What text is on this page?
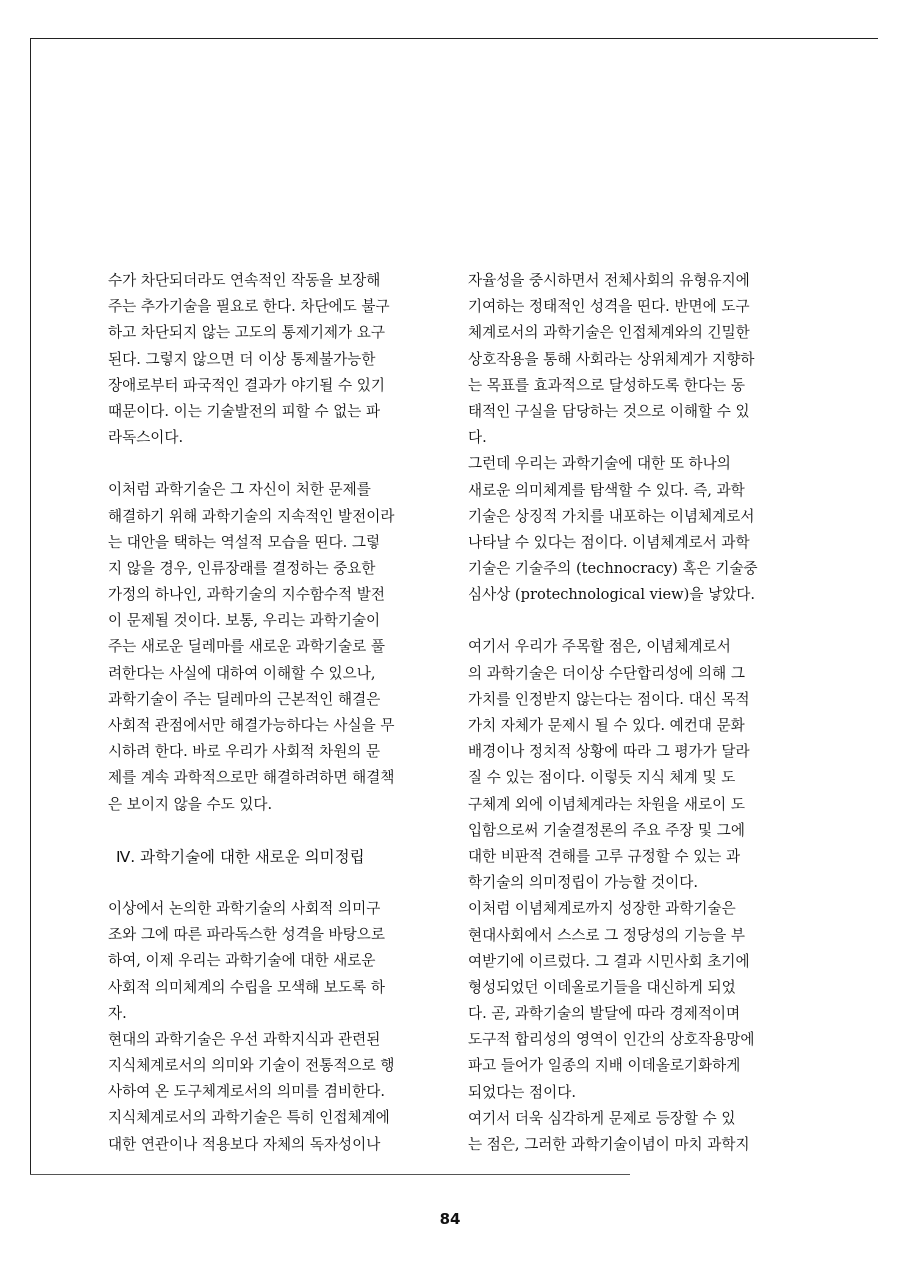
수가 차단되더라도 연속적인 작동을 보장해
주는 추가기술을 필요로 한다. 차단에도 불구
하고 차단되지 않는 고도의 통제기제가 요구
된다. 그렇지 않으면 더 이상 통제불가능한
장애로부터 파국적인 결과가 야기될 수 있기
때문이다. 이는 기술발전의 피할 수 없는 파
라독스이다.
이처럼 과학기술은 그 자신이 처한 문제를
해결하기 위해 과학기술의 지속적인 발전이라
는 대안을 택하는 역설적 모습을 띤다. 그렇
지 않을 경우, 인류장래를 결정하는 중요한
가정의 하나인, 과학기술의 지수함수적 발전
이 문제될 것이다. 보통, 우리는 과학기술이
주는 새로운 딜레마를 새로운 과학기술로 풀
려한다는 사실에 대하여 이해할 수 있으나,
과학기술이 주는 딜레마의 근본적인 해결은
사회적 관점에서만 해결가능하다는 사실을 무
시하려 한다. 바로 우리가 사회적 차원의 문
제를 계속 과학적으로만 해결하려하면 해결책
은 보이지 않을 수도 있다.
Ⅳ. 과학기술에 대한 새로운 의미정립
이상에서 논의한 과학기술의 사회적 의미구
조와 그에 따른 파라독스한 성격을 바탕으로
하여, 이제 우리는 과학기술에 대한 새로운
사회적 의미체계의 수립을 모색해 보도록 하
자.
현대의 과학기술은 우선 과학지식과 관련된
지식체계로서의 의미와 기술이 전통적으로 행
사하여 온 도구체계로서의 의미를 겸비한다.
지식체계로서의 과학기술은 특히 인접체계에
대한 연관이나 적용보다 자체의 독자성이나
자율성을 중시하면서 전체사회의 유형유지에
기여하는 정태적인 성격을 띤다. 반면에 도구
체계로서의 과학기술은 인접체계와의 긴밀한
상호작용을 통해 사회라는 상위체계가 지향하
는 목표를 효과적으로 달성하도록 한다는 동
태적인 구실을 담당하는 것으로 이해할 수 있
다.
그런데 우리는 과학기술에 대한 또 하나의
새로운 의미체계를 탐색할 수 있다. 즉, 과학
기술은 상징적 가치를 내포하는 이념체계로서
나타날 수 있다는 점이다. 이념체계로서 과학
기술은 기술주의 (technocracy) 혹은 기술중
심사상 (protechnological view)을 낳았다.
여기서 우리가 주목할 점은, 이념체계로서
의 과학기술은 더이상 수단합리성에 의해 그
가치를 인정받지 않는다는 점이다. 대신 목적
가치 자체가 문제시 될 수 있다. 예컨대 문화
배경이나 정치적 상황에 따라 그 평가가 달라
질 수 있는 점이다. 이렇듯 지식 체계 및 도
구체계 외에 이념체계라는 차원을 새로이 도
입함으로써 기술결정론의 주요 주장 및 그에
대한 비판적 견해를 고루 규정할 수 있는 과
학기술의 의미정립이 가능할 것이다.
이처럼 이념체계로까지 성장한 과학기술은
현대사회에서 스스로 그 정당성의 기능을 부
여받기에 이르렀다. 그 결과 시민사회 초기에
형성되었던 이데올로기들을 대신하게 되었
다. 곧, 과학기술의 발달에 따라 경제적이며
도구적 합리성의 영역이 인간의 상호작용망에
파고 들어가 일종의 지배 이데올로기화하게
되었다는 점이다.
여기서 더욱 심각하게 문제로 등장할 수 있
는 점은, 그러한 과학기술이념이 마치 과학지
84
